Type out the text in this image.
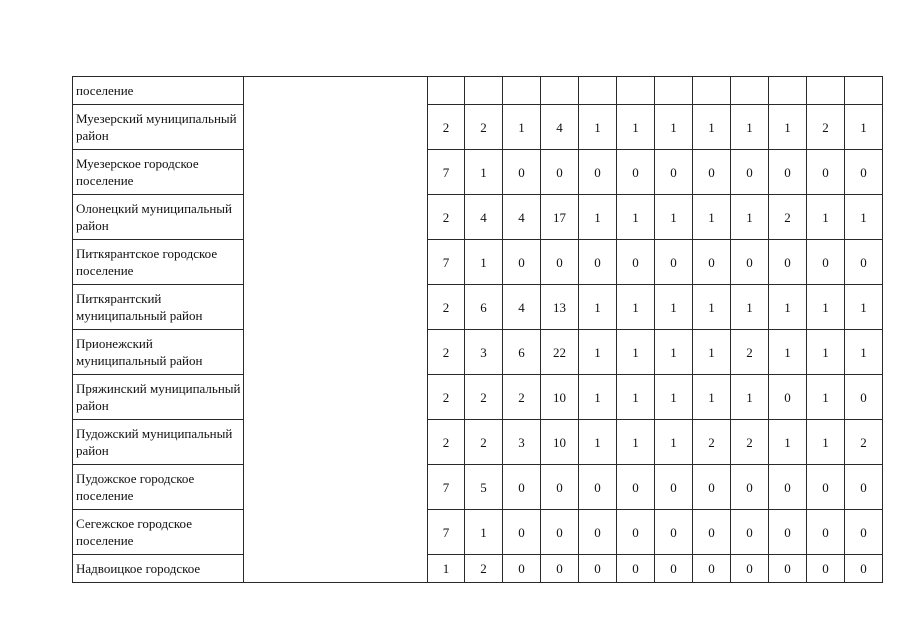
поселение													
Муезерский муниципальный район		2	2	1	4	1	1	1	1	1	1	2	1
Муезерское городское поселение		7	1	0	0	0	0	0	0	0	0	0	0
Олонецкий муниципальный район		2	4	4	17	1	1	1	1	1	2	1	1
Питкярантское городское поселение		7	1	0	0	0	0	0	0	0	0	0	0
Питкярантский муниципальный район		2	6	4	13	1	1	1	1	1	1	1	1
Прионежский муниципальный район		2	3	6	22	1	1	1	1	2	1	1	1
Пряжинский муниципальный район		2	2	2	10	1	1	1	1	1	0	1	0
Пудожский муниципальный район		2	2	3	10	1	1	1	2	2	1	1	2
Пудожское городское поселение		7	5	0	0	0	0	0	0	0	0	0	0
Сегежское городское поселение		7	1	0	0	0	0	0	0	0	0	0	0
Надвоицкое городское		1	2	0	0	0	0	0	0	0	0	0	0
